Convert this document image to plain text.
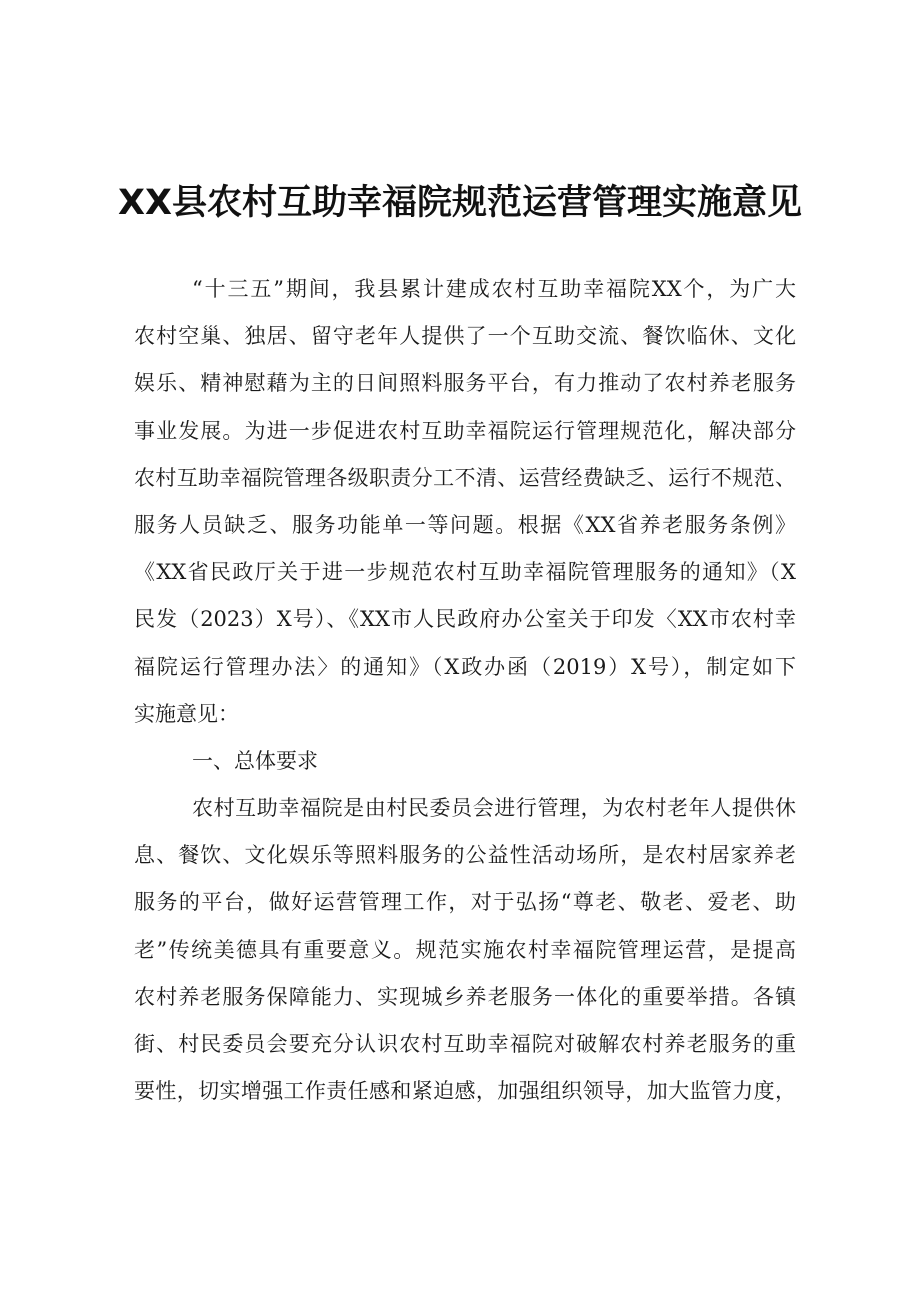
XX县农村互助幸福院规范运营管理实施意见
“十三五”期间，我县累计建成农村互助幸福院XX个，为广大
农村空巢、独居、留守老年人提供了一个互助交流、餐饮临休、文化
娱乐、精神慰藉为主的日间照料服务平台，有力推动了农村养老服务
事业发展。为进一步促进农村互助幸福院运行管理规范化，解决部分
农村互助幸福院管理各级职责分工不清、运营经费缺乏、运行不规范、
服务人员缺乏、服务功能单一等问题。根据《XX省养老服务条例》
《XX省民政厅关于进一步规范农村互助幸福院管理服务的通知》（X
民发（2023）X号）、《XX市人民政府办公室关于印发〈XX市农村幸
福院运行管理办法〉的通知》（X政办函（2019）X号），制定如下
实施意见：
一、总体要求
农村互助幸福院是由村民委员会进行管理，为农村老年人提供休
息、餐饮、文化娱乐等照料服务的公益性活动场所，是农村居家养老
服务的平台，做好运营管理工作，对于弘扬“尊老、敬老、爱老、助
老”传统美德具有重要意义。规范实施农村幸福院管理运营，是提高
农村养老服务保障能力、实现城乡养老服务一体化的重要举措。各镇
街、村民委员会要充分认识农村互助幸福院对破解农村养老服务的重
要性，切实增强工作责任感和紧迫感，加强组织领导，加大监管力度，
